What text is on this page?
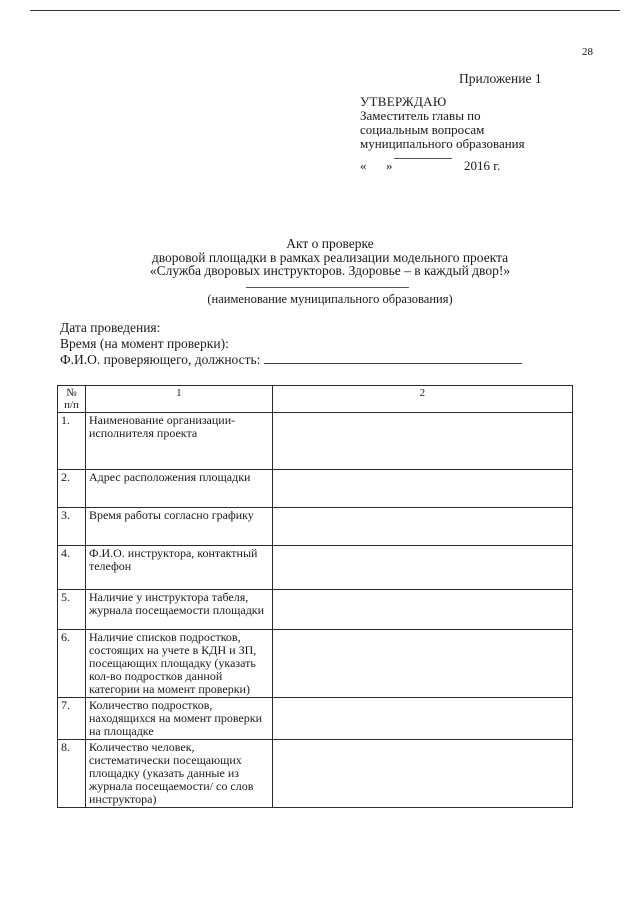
28
Приложение 1
УТВЕРЖДАЮ
Заместитель главы по
социальным вопросам
муниципального образования
« »	2016 г.
Акт о проверке
дворовой площадки в рамках реализации модельного проекта
«Служба дворовых инструкторов. Здоровье – в каждый двор!»
(наименование муниципального образования)
Дата проведения:
Время (на момент проверки):
Ф.И.О. проверяющего, должность:
№ п/п	1	2
1.	Наименование организации-исполнителя проекта	
2.	Адрес расположения площадки	
3.	Время работы согласно графику	
4.	Ф.И.О. инструктора, контактный телефон	
5.	Наличие у инструктора табеля, журнала посещаемости площадки	
6.	Наличие списков подростков, состоящих на учете в КДН и ЗП, посещающих площадку (указать кол-во подростков данной категории на момент проверки)	
7.	Количество подростков, находящихся на момент проверки на площадке	
8.	Количество человек, систематически посещающих площадку (указать данные из журнала посещаемости/ со слов инструктора)	
